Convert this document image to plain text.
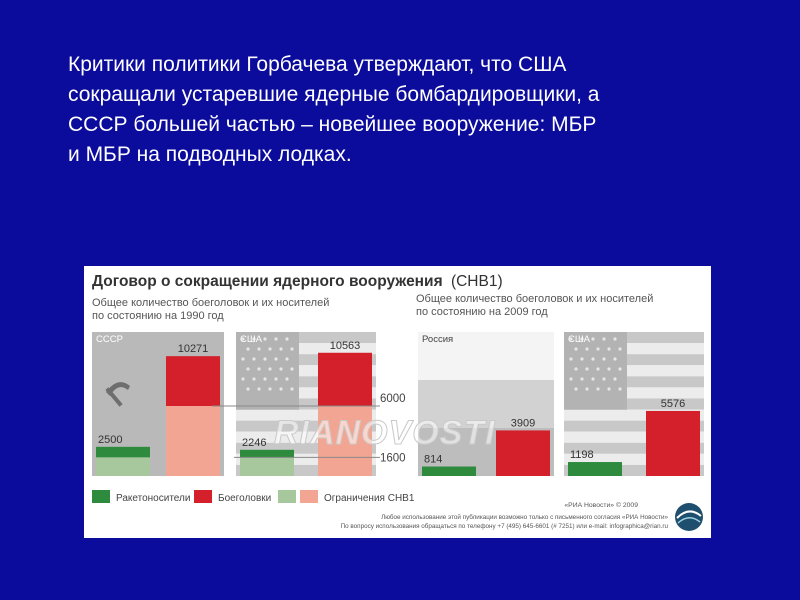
Критики политики Горбачева утверждают, что США
сокращали устаревшие ядерные бомбардировщики, а
СССР большей частью – новейшее вооружение: МБР
и МБР на подводных лодках.
Договор о сокращении ядерного вооружения (СНВ1)
Общее количество боеголовок и их носителей по состоянию на 1990 год
Общее количество боеголовок и их носителей по состоянию на 2009 год
СССР
2500
10271
США
2246
10563
Россия
814
3909
США
1198
5576
6000
1600
RIANOVOSTI
Ракетоносители	Боеголовки	Ограничения СНВ1
«РИА Новости» © 2009
Любое использование этой публикации возможно только с письменного согласия «РИА Новости»
По вопросу использования обращаться по телефону +7 (495) 645-6601 (# 7251) или e-mail: infographica@rian.ru
